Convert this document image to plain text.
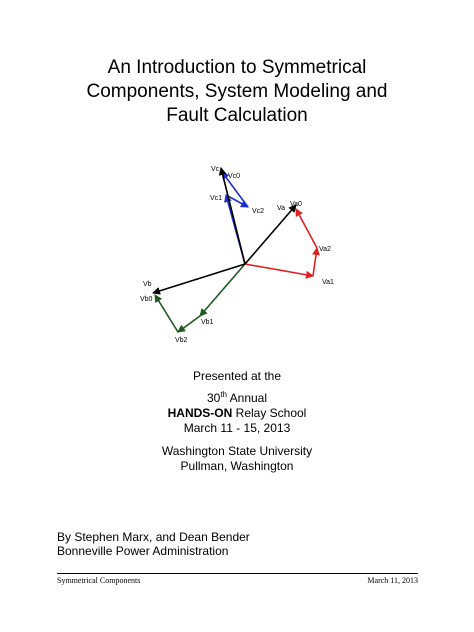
An Introduction to Symmetrical
Components, System Modeling and
Fault Calculation
Vc
Vc0
Vc1
Vc2 Va
Va0
Va2
Va1
Vb
Vb0
Vb1
Vb2
Presented at the
30th Annual
HANDS-ON Relay School
March 11 - 15, 2013
Washington State University
Pullman, Washington
By Stephen Marx, and Dean Bender
Bonneville Power Administration
Symmetrical Components	March 11, 2013
